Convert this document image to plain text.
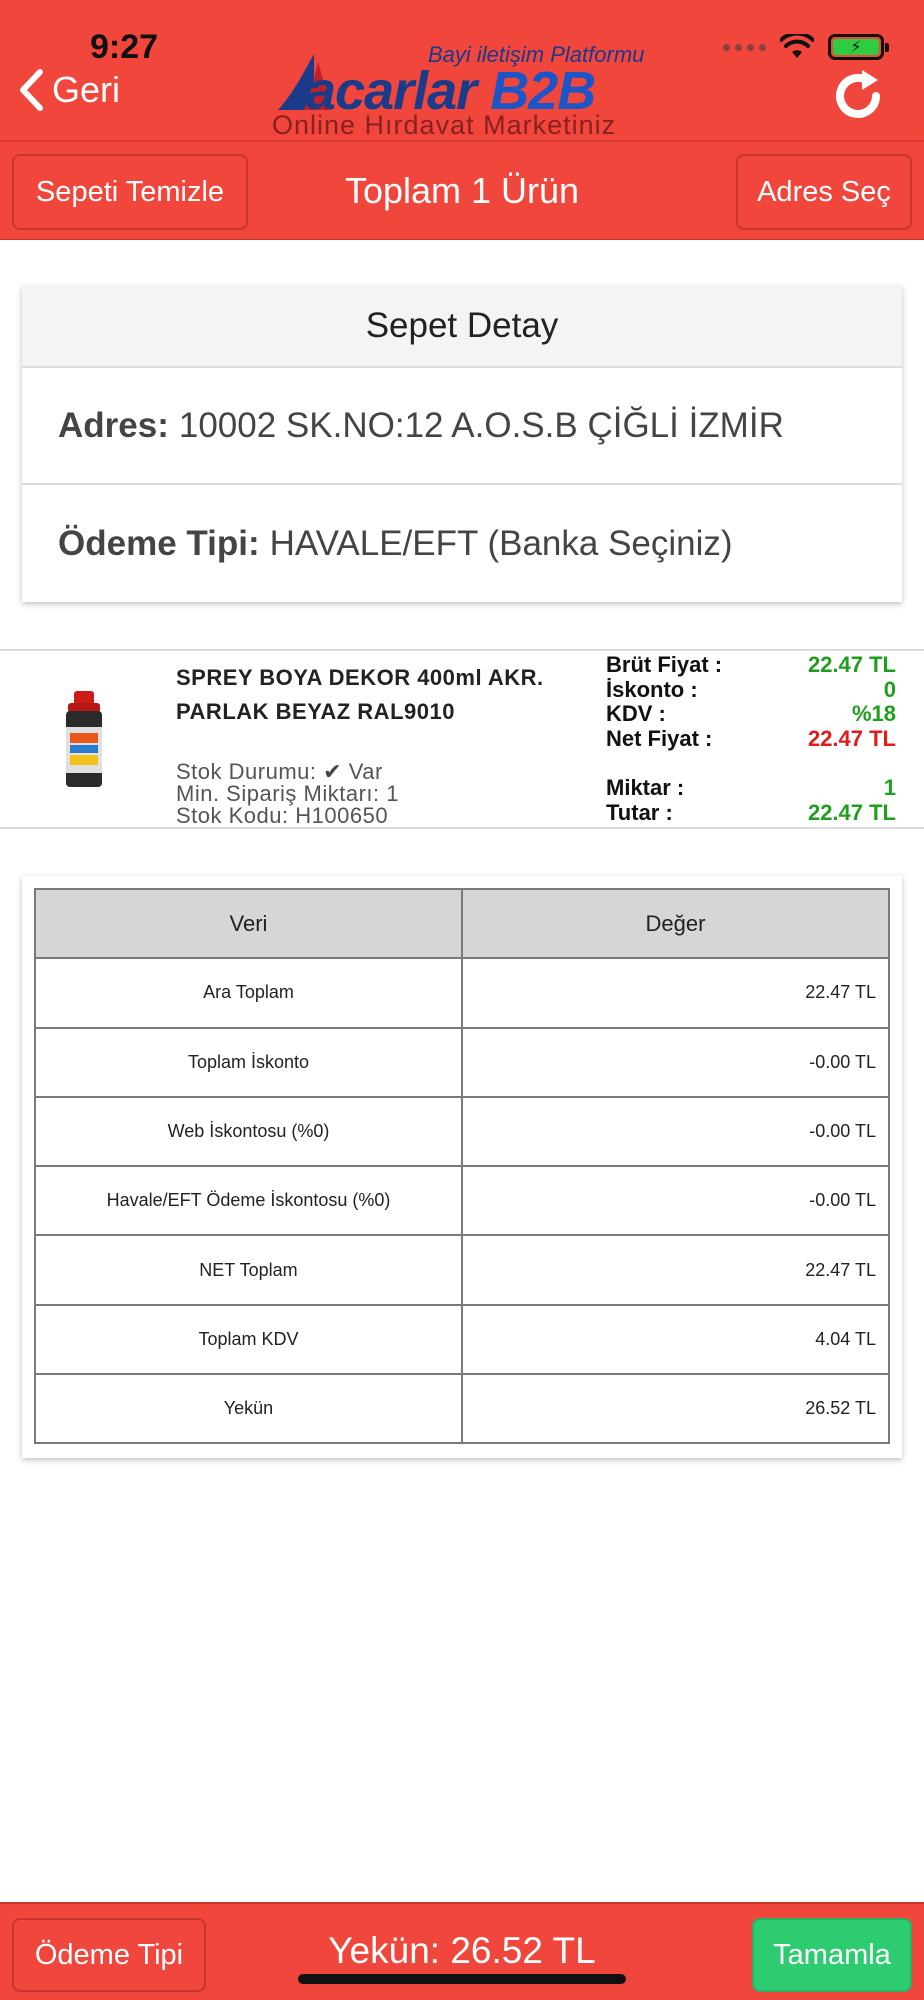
9:27	⚡
Geri
Bayi iletişim Platformu
acarlar B2B
Online Hırdavat Marketiniz
Sepeti Temizle	Toplam 1 Ürün	Adres Seç
Sepet Detay
Adres: 10002 SK.NO:12 A.O.S.B ÇİĞLİ İZMİR
Ödeme Tipi: HAVALE/EFT (Banka Seçiniz)
SPREY BOYA DEKOR 400ml AKR. PARLAK BEYAZ RAL9010
Stok Durumu: ✔ Var
Min. Sipariş Miktarı: 1
Stok Kodu: H100650
Brüt Fiyat :	22.47 TL
İskonto :	0
KDV :	%18
Net Fiyat :	22.47 TL
Miktar :	1
Tutar :	22.47 TL
Veri	Değer
Ara Toplam	22.47 TL
Toplam İskonto	-0.00 TL
Web İskontosu (%0)	-0.00 TL
Havale/EFT Ödeme İskontosu (%0)	-0.00 TL
NET Toplam	22.47 TL
Toplam KDV	4.04 TL
Yekün	26.52 TL
Ödeme Tipi	Yekün: 26.52 TL	Tamamla
